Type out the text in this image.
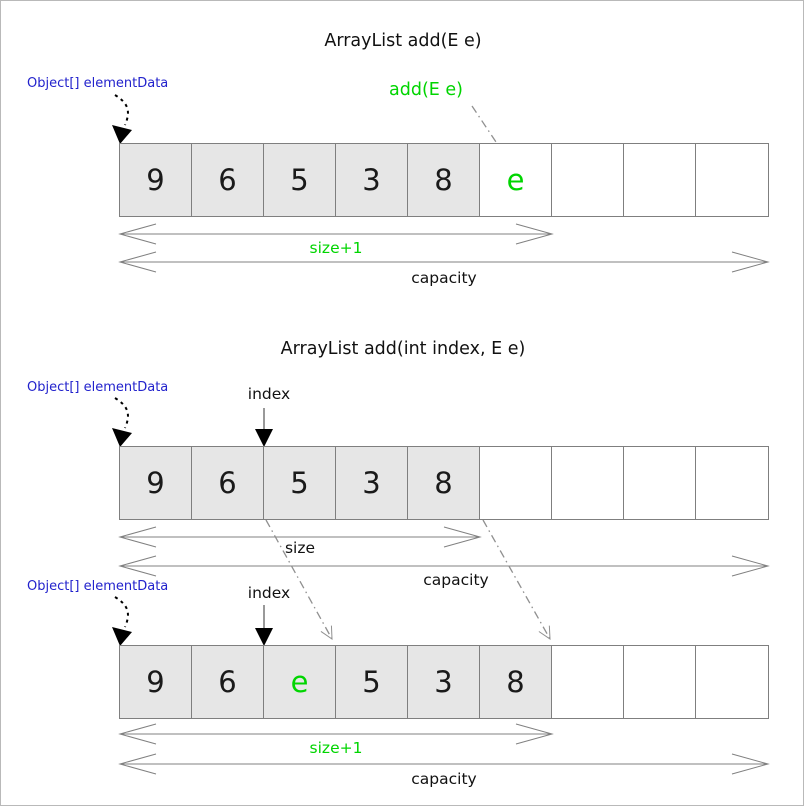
ArrayList add(E e)
Object[] elementData	add(E e)
9	6	5	3	8	e
size+1
capacity
ArrayList add(int index, E e)
Object[] elementData	index
9	6	5	3	8
size
capacity
Object[] elementData	index
9	6	e	5	3	8
size+1
capacity
